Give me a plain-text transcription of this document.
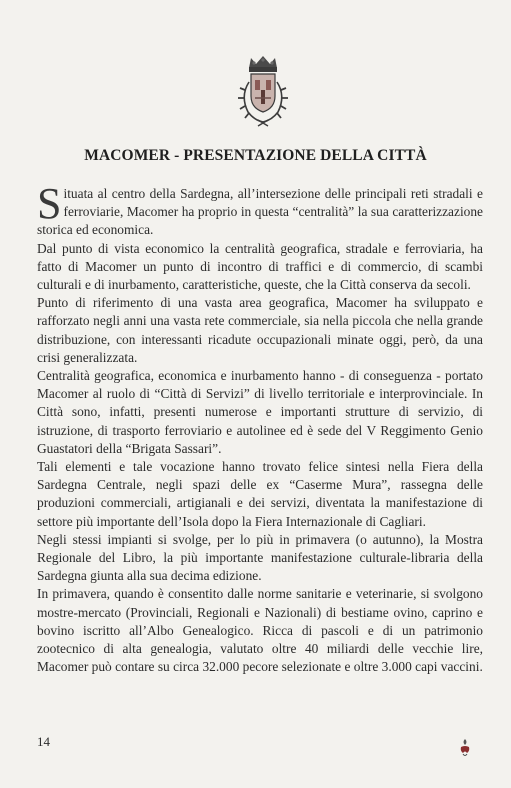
MACOMER - PRESENTAZIONE DELLA CITTÀ

Situata al centro della Sardegna, all’intersezione delle principali reti stradali e ferroviarie, Macomer ha proprio in questa “centralità” la sua caratterizzazione storica ed economica.

Dal punto di vista economico la centralità geografica, stradale e ferroviaria, ha fatto di Macomer un punto di incontro di traffici e di commercio, di scambi culturali e di inurbamento, caratteristiche, queste, che la Città conserva da secoli.

Punto di riferimento di una vasta area geografica, Macomer ha sviluppato e rafforzato negli anni una vasta rete commerciale, sia nella piccola che nella grande distribuzione, con interessanti ricadute occupazionali minate oggi, però, da una crisi generalizzata.

Centralità geografica, economica e inurbamento hanno - di conseguenza - portato Macomer al ruolo di “Città di Servizi” di livello territoriale e interprovinciale. In Città sono, infatti, presenti numerose e importanti strutture di servizio, di istruzione, di trasporto ferroviario e autolinee ed è sede del V Reggimento Genio Guastatori della “Brigata Sassari”.

Tali elementi e tale vocazione hanno trovato felice sintesi nella Fiera della Sardegna Centrale, negli spazi delle ex “Caserme Mura”, rassegna delle produzioni commerciali, artigianali e dei servizi, diventata la manifestazione di settore più importante dell’Isola dopo la Fiera Internazionale di Cagliari.

Negli stessi impianti si svolge, per lo più in primavera (o autunno), la Mostra Regionale del Libro, la più importante manifestazione culturale-libraria della Sardegna giunta alla sua decima edizione.

In primavera, quando è consentito dalle norme sanitarie e veterinarie, si svolgono mostre-mercato (Provinciali, Regionali e Nazionali) di bestiame ovino, caprino e bovino iscritto all’Albo Genealogico. Ricca di pascoli e di un patrimonio zootecnico di alta genealogia, valutato oltre 40 miliardi delle vecchie lire, Macomer può contare su circa 32.000 pecore selezionate e oltre 3.000 capi vaccini.

14
